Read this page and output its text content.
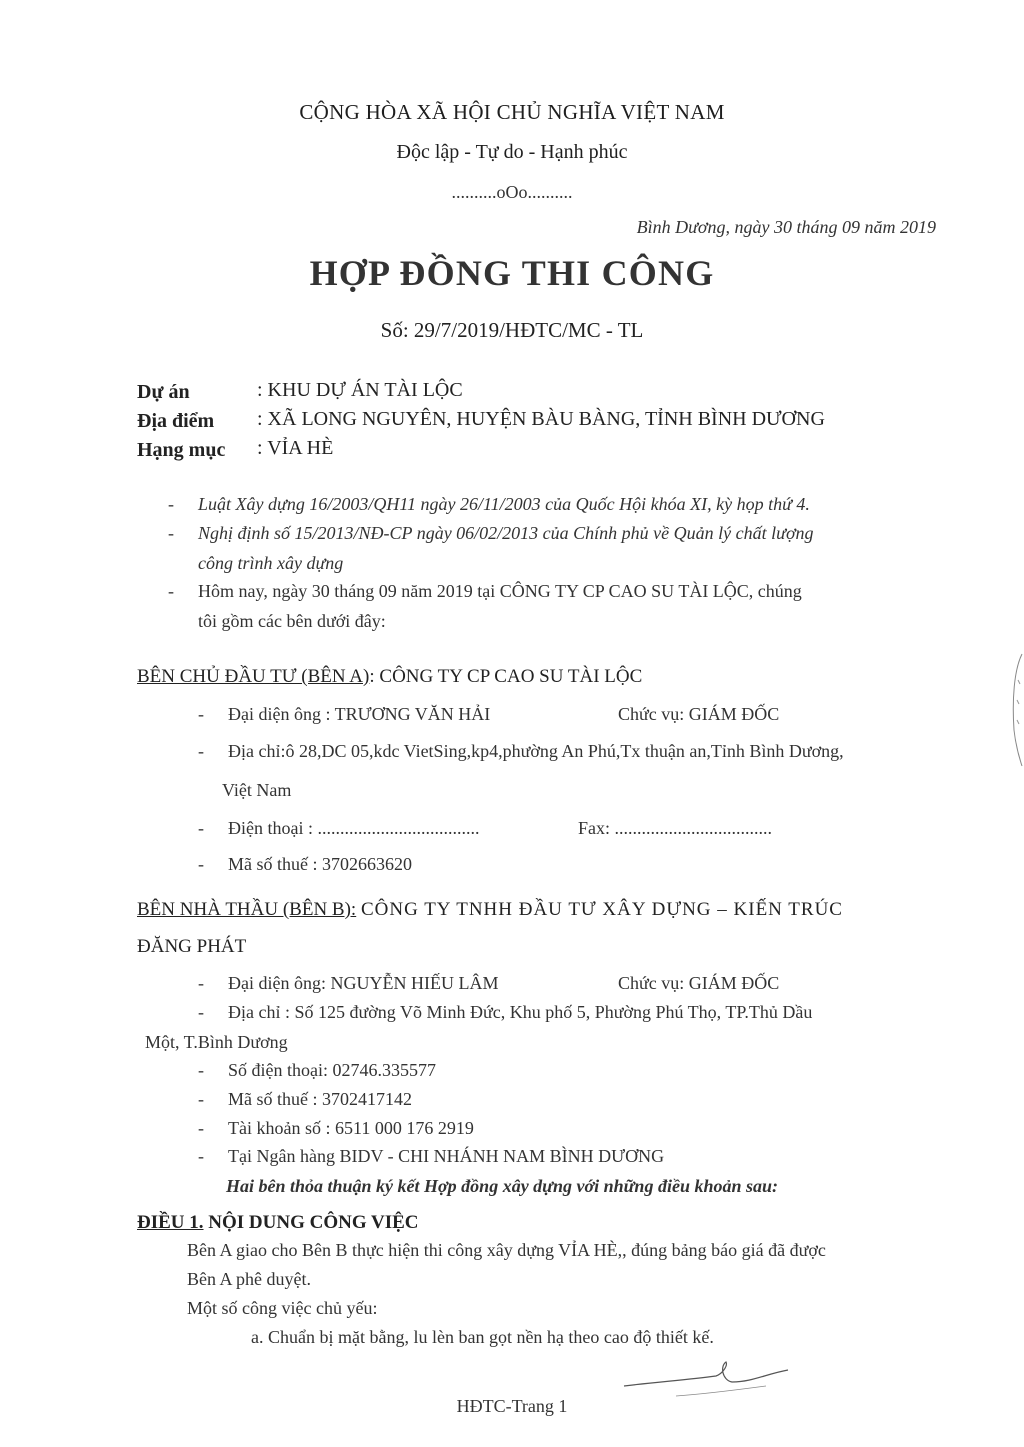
CỘNG HÒA XÃ HỘI CHỦ NGHĨA VIỆT NAM
Độc lập - Tự do - Hạnh phúc
..........oOo..........
Bình Dương, ngày 30 tháng 09 năm 2019
HỢP ĐỒNG THI CÔNG
Số: 29/7/2019/HĐTC/MC - TL
Dự án	: KHU DỰ ÁN TÀI LỘC
Địa điểm : XÃ LONG NGUYÊN, HUYỆN BÀU BÀNG, TỈNH BÌNH DƯƠNG
Hạng mục : VỈA HÈ
- Luật Xây dựng 16/2003/QH11 ngày 26/11/2003 của Quốc Hội khóa XI, kỳ họp thứ 4.
- Nghị định số 15/2013/NĐ-CP ngày 06/02/2013 của Chính phủ về Quản lý chất lượng
công trình xây dựng
- Hôm nay, ngày 30 tháng 09 năm 2019 tại CÔNG TY CP CAO SU TÀI LỘC, chúng
tôi gồm các bên dưới đây:
BÊN CHỦ ĐẦU TƯ (BÊN A): CÔNG TY CP CAO SU TÀI LỘC
- Đại diện ông : TRƯƠNG VĂN HẢI	Chức vụ: GIÁM ĐỐC
- Địa chỉ:ô 28,DC 05,kdc VietSing,kp4,phường An Phú,Tx thuận an,Tỉnh Bình Dương,
Việt Nam
- Điện thoại : ....................................	Fax: ...................................
- Mã số thuế : 3702663620
BÊN NHÀ THẦU (BÊN B): CÔNG TY TNHH ĐẦU TƯ XÂY DỰNG – KIẾN TRÚC
ĐĂNG PHÁT
- Đại diện ông: NGUYỄN HIẾU LÂM	Chức vụ: GIÁM ĐỐC
- Địa chỉ : Số 125 đường Võ Minh Đức, Khu phố 5, Phường Phú Thọ, TP.Thủ Dầu
Một, T.Bình Dương
- Số điện thoại: 02746.335577
- Mã số thuế : 3702417142
- Tài khoản số : 6511 000 176 2919
- Tại Ngân hàng BIDV - CHI NHÁNH NAM BÌNH DƯƠNG
Hai bên thỏa thuận ký kết Hợp đồng xây dựng với những điều khoản sau:
ĐIỀU 1. NỘI DUNG CÔNG VIỆC
Bên A giao cho Bên B thực hiện thi công xây dựng VỈA HÈ,, đúng bảng báo giá đã được
Bên A phê duyệt.
Một số công việc chủ yếu:
a. Chuẩn bị mặt bằng, lu lèn ban gọt nền hạ theo cao độ thiết kế.
HĐTC-Trang 1
